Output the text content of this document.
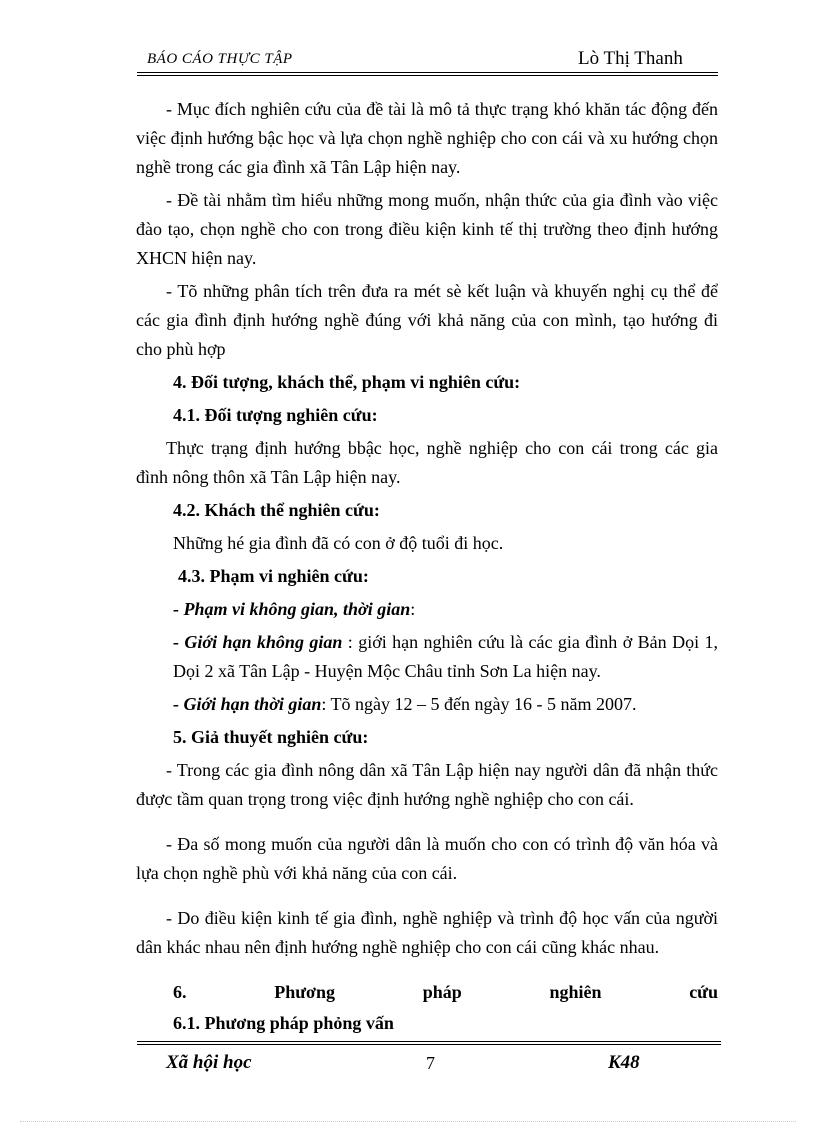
BÁO CÁO THỰC TẬP	Lò Thị Thanh

- Mục đích nghiên cứu của đề tài là mô tả thực trạng khó khăn tác động đến việc định hướng bậc học và lựa chọn nghề nghiệp cho con cái và xu hướng chọn nghề trong các gia đình xã Tân Lập hiện nay.

- Đề tài nhằm tìm hiểu những mong muốn, nhận thức của gia đình vào việc đào tạo, chọn nghề cho con trong điều kiện kinh tế thị trường theo định hướng XHCN hiện nay.

- Tõ những phân tích trên đưa ra mét sè kết luận và khuyến nghị cụ thể để các gia đình định hướng nghề đúng với khả năng của con mình, tạo hướng đi cho phù hợp

4. Đối tượng, khách thể, phạm vi nghiên cứu:
4.1. Đối tượng nghiên cứu:

Thực trạng định hướng bbậc học, nghề nghiệp cho con cái trong các gia đình nông thôn xã Tân Lập hiện nay.

4.2. Khách thể nghiên cứu:
Những hé gia đình đã có con ở độ tuổi đi học.
4.3. Phạm vi nghiên cứu:
- Phạm vi không gian, thời gian:
- Giới hạn không gian : giới hạn nghiên cứu là các gia đình ở Bản Dọi 1, Dọi 2 xã Tân Lập - Huyện Mộc Châu tỉnh Sơn La hiện nay.
- Giới hạn thời gian: Tõ ngày 12 – 5 đến ngày 16 - 5 năm 2007.
5. Giả thuyết nghiên cứu:

- Trong các gia đình nông dân xã Tân Lập hiện nay người dân đã nhận thức được tầm quan trọng trong việc định hướng nghề nghiệp cho con cái.

- Đa số mong muốn của người dân là muốn cho con có trình độ văn hóa và lựa chọn nghề phù với khả năng của con cái.

- Do điều kiện kinh tế gia đình, nghề nghiệp và trình độ học vấn của người dân khác nhau nên định hướng nghề nghiệp cho con cái cũng khác nhau.

6.	Phương	pháp	nghiên	cứu
6.1. Phương pháp phỏng vấn
Xã hội học	7	K48
